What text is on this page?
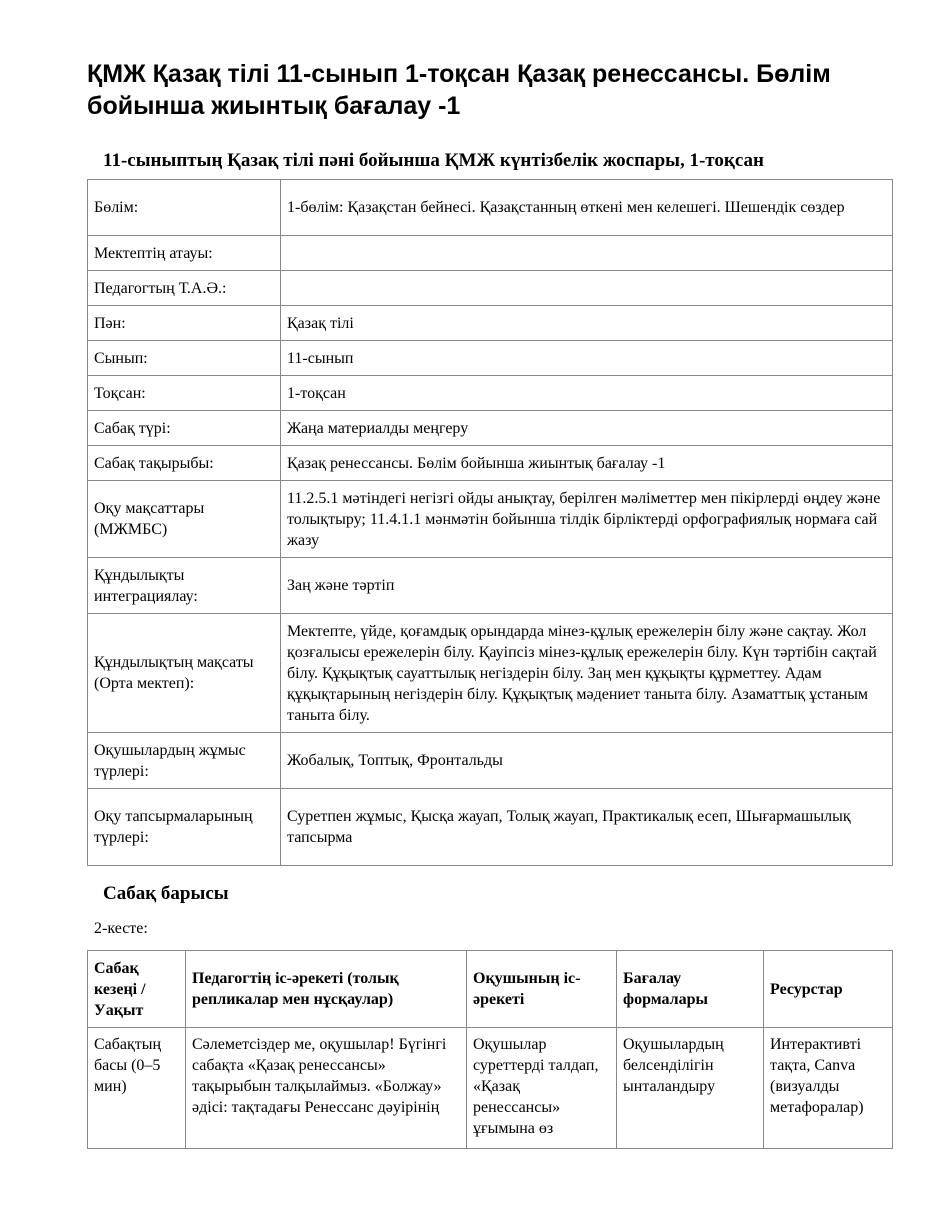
ҚМЖ Қазақ тілі 11-сынып 1-тоқсан Қазақ ренессансы. Бөлім бойынша жиынтық бағалау -1
11-сыныптың Қазақ тілі пәні бойынша ҚМЖ күнтізбелік жоспары, 1-тоқсан
Бөлім:	1-бөлім: Қазақстан бейнесі. Қазақстанның өткені мен келешегі. Шешендік сөздер
Мектептің атауы:	
Педагогтың Т.А.Ә.:	
Пән:	Қазақ тілі
Сынып:	11-сынып
Тоқсан:	1-тоқсан
Сабақ түрі:	Жаңа материалды меңгеру
Сабақ тақырыбы:	Қазақ ренессансы. Бөлім бойынша жиынтық бағалау -1
Оқу мақсаттары (МЖМБС)	11.2.5.1 мәтіндегі негізгі ойды анықтау, берілген мәліметтер мен пікірлерді өңдеу және толықтыру; 11.4.1.1 мәнмәтін бойынша тілдік бірліктерді орфографиялық нормаға сай жазу
Құндылықты интеграциялау:	Заң және тәртіп
Құндылықтың мақсаты (Орта мектеп):	Мектепте, үйде, қоғамдық орындарда мінез-құлық ережелерін білу және сақтау. Жол қозғалысы ережелерін білу. Қауіпсіз мінез-құлық ережелерін білу. Күн тәртібін сақтай білу. Құқықтық сауаттылық негіздерін білу. Заң мен құқықты құрметтеу. Адам құқықтарының негіздерін білу. Құқықтық мәдениет таныта білу. Азаматтық ұстаным таныта білу.
Оқушылардың жұмыс түрлері:	Жобалық, Топтық, Фронтальды
Оқу тапсырмаларының түрлері:	Суретпен жұмыс, Қысқа жауап, Толық жауап, Практикалық есеп, Шығармашылық тапсырма
Сабақ барысы

2-кесте:

Сабақ кезеңі / Уақыт	Педагогтің іс-әрекеті (толық репликалар мен нұсқаулар)	Оқушының іс-әрекеті	Бағалау формалары	Ресурстар

Сабақтың басы (0–5 мин)	Сәлеметсіздер ме, оқушылар! Бүгінгі сабақта «Қазақ ренессансы» тақырыбын талқылаймыз. «Болжау» әдісі: тақтадағы Ренессанс дәуірінің	Оқушылар суреттерді талдап, «Қазақ ренессансы» ұғымына өз	Оқушылардың белсенділігін ынталандыру	Интерактивті тақта, Canva (визуалды метафоралар)
